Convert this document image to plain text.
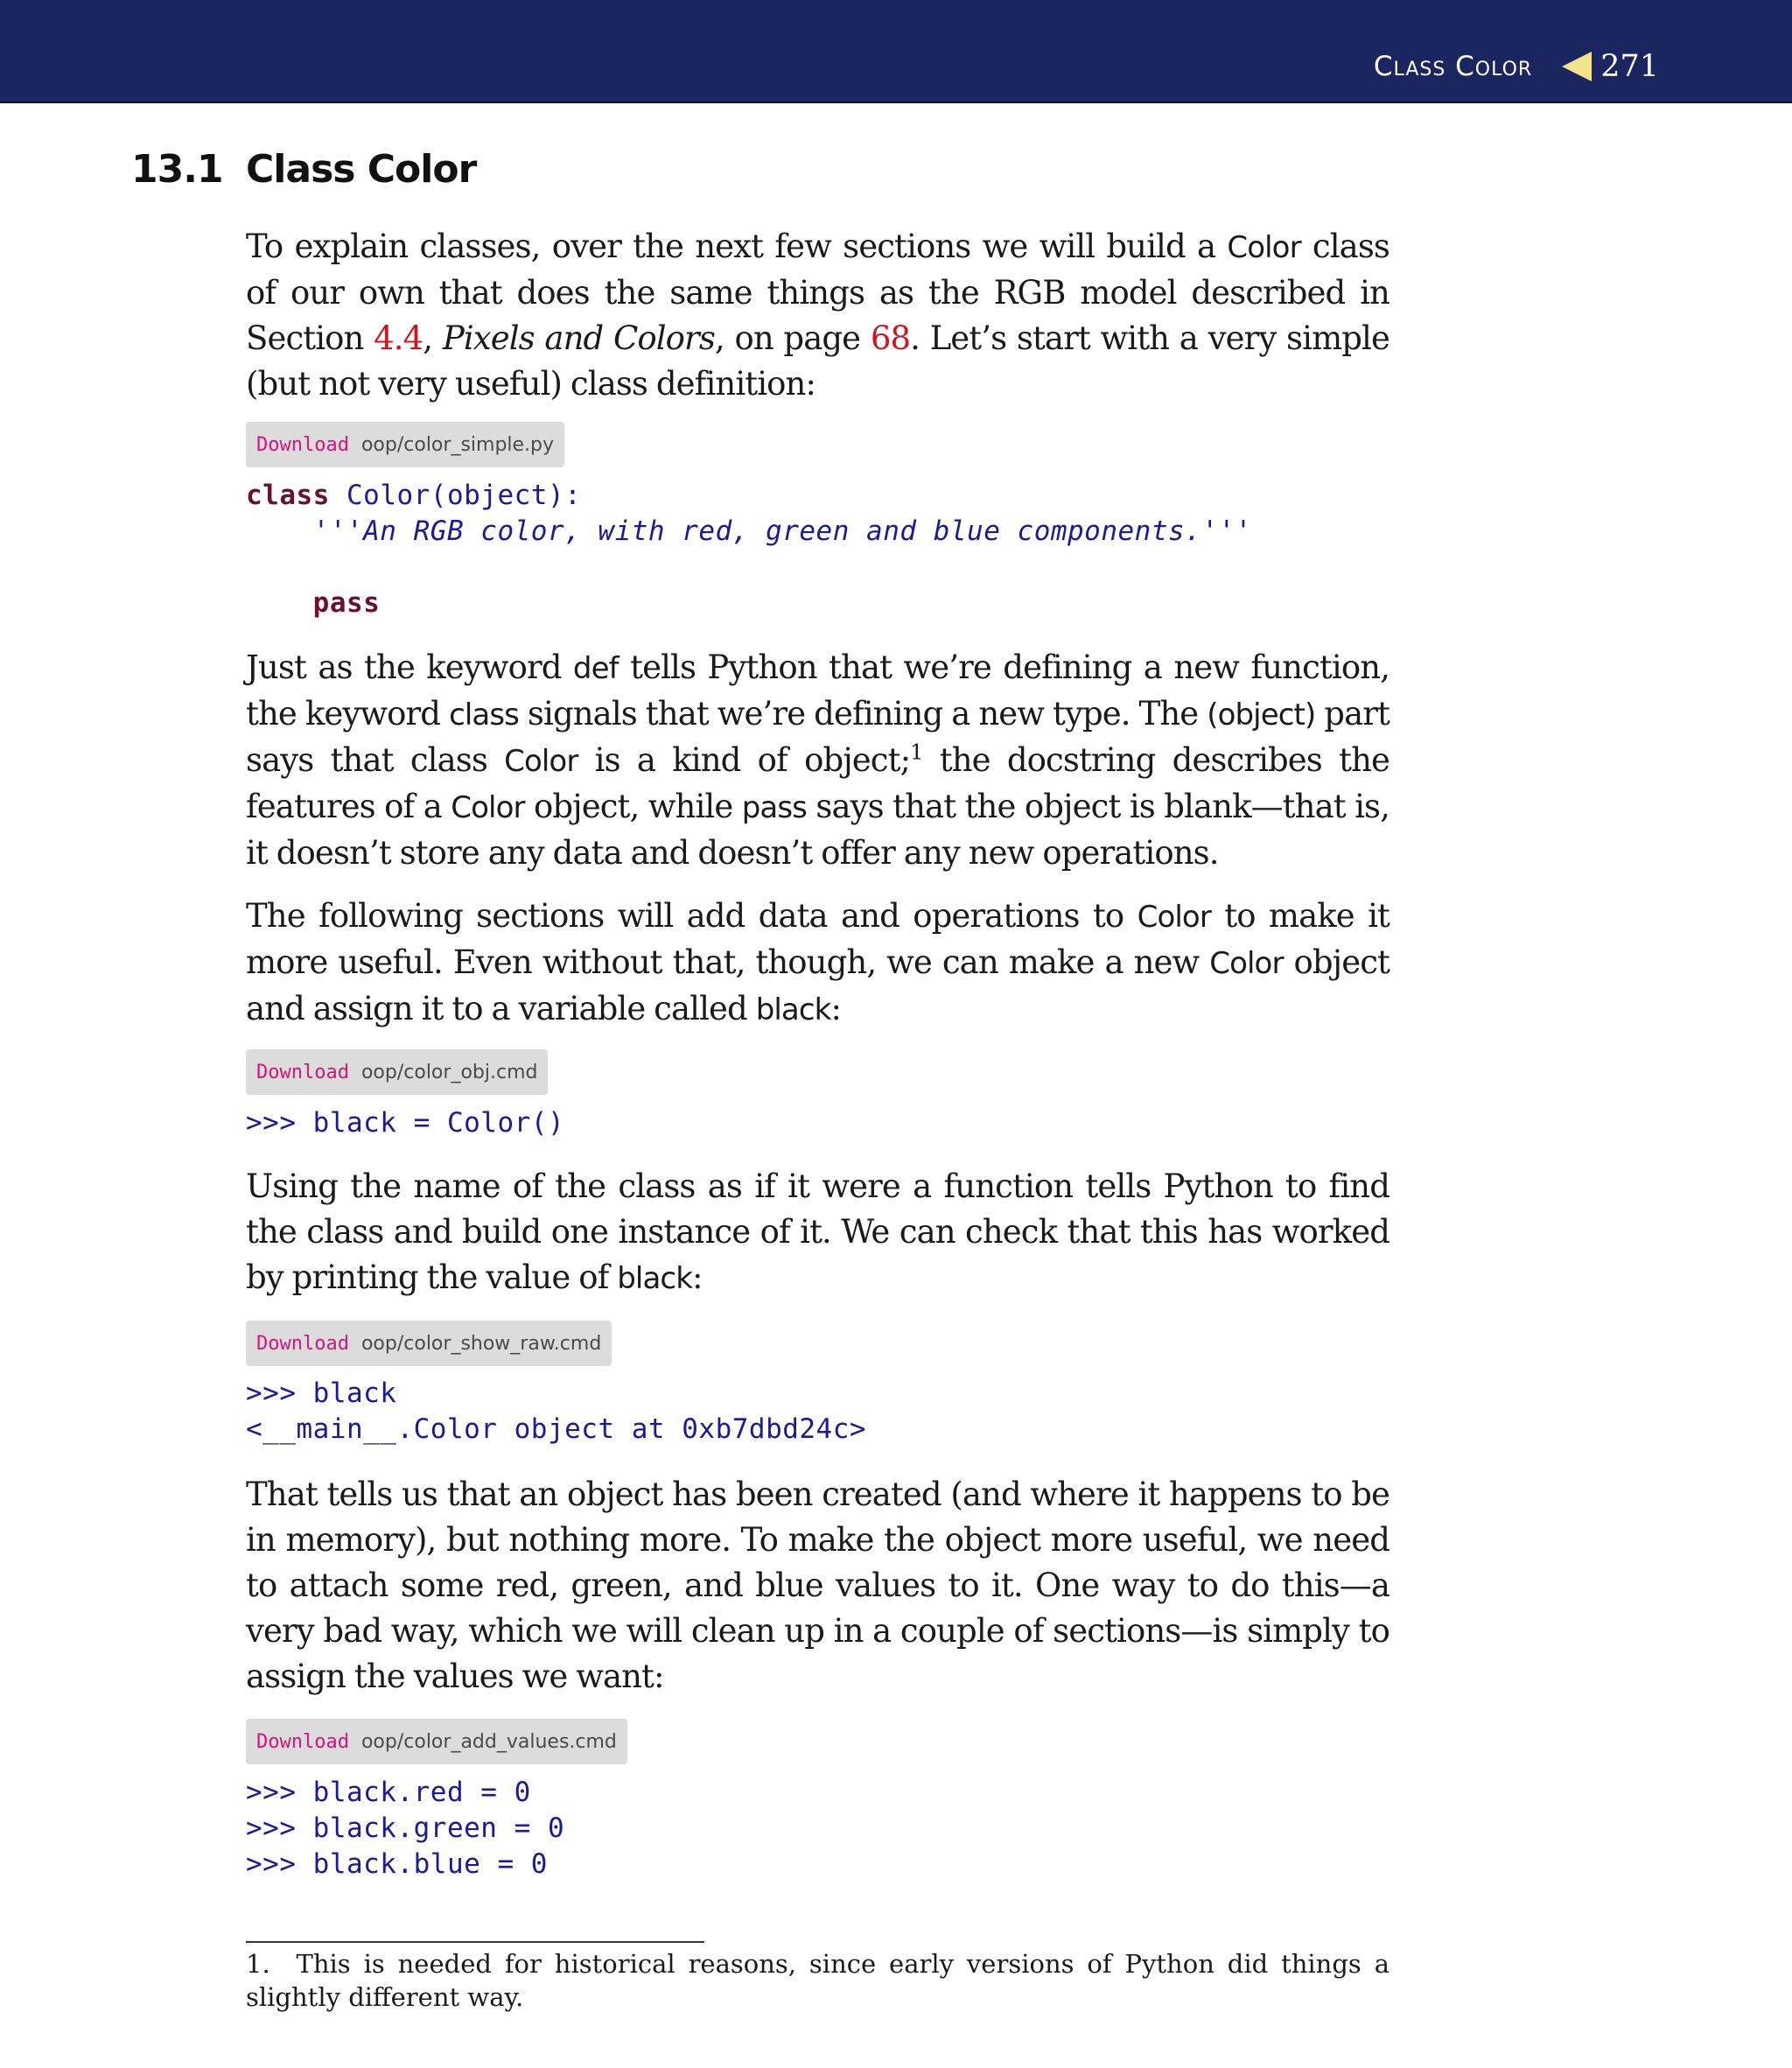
Class Color 271
13.1 Class Color

To explain classes, over the next few sections we will build a Color class of our own that does the same things as the RGB model described in Section 4.4, Pixels and Colors, on page 68. Let’s start with a very simple (but not very useful) class definition:

Download oop/color_simple.py
class Color(object):
'''An RGB color, with red, green and blue components.'''

pass

Just as the keyword def tells Python that we’re defining a new function, the keyword class signals that we’re defining a new type. The (object) part says that class Color is a kind of object;$^1$ the docstring describes the features of a Color object, while pass says that the object is blank—that is, it doesn’t store any data and doesn’t offer any new operations.

The following sections will add data and operations to Color to make it more useful. Even without that, though, we can make a new Color object and assign it to a variable called black:

Download oop/color_obj.cmd
>>> black = Color()

Using the name of the class as if it were a function tells Python to find the class and build one instance of it. We can check that this has worked by printing the value of black:

Download oop/color_show_raw.cmd
>>> black
<__main__.Color object at 0xb7dbd24c>

That tells us that an object has been created (and where it happens to be in memory), but nothing more. To make the object more useful, we need to attach some red, green, and blue values to it. One way to do this—a very bad way, which we will clean up in a couple of sections—is simply to assign the values we want:

Download oop/color_add_values.cmd
>>> black.red = 0
>>> black.green = 0
>>> black.blue = 0
1. This is needed for historical reasons, since early versions of Python did things a slightly different way.
